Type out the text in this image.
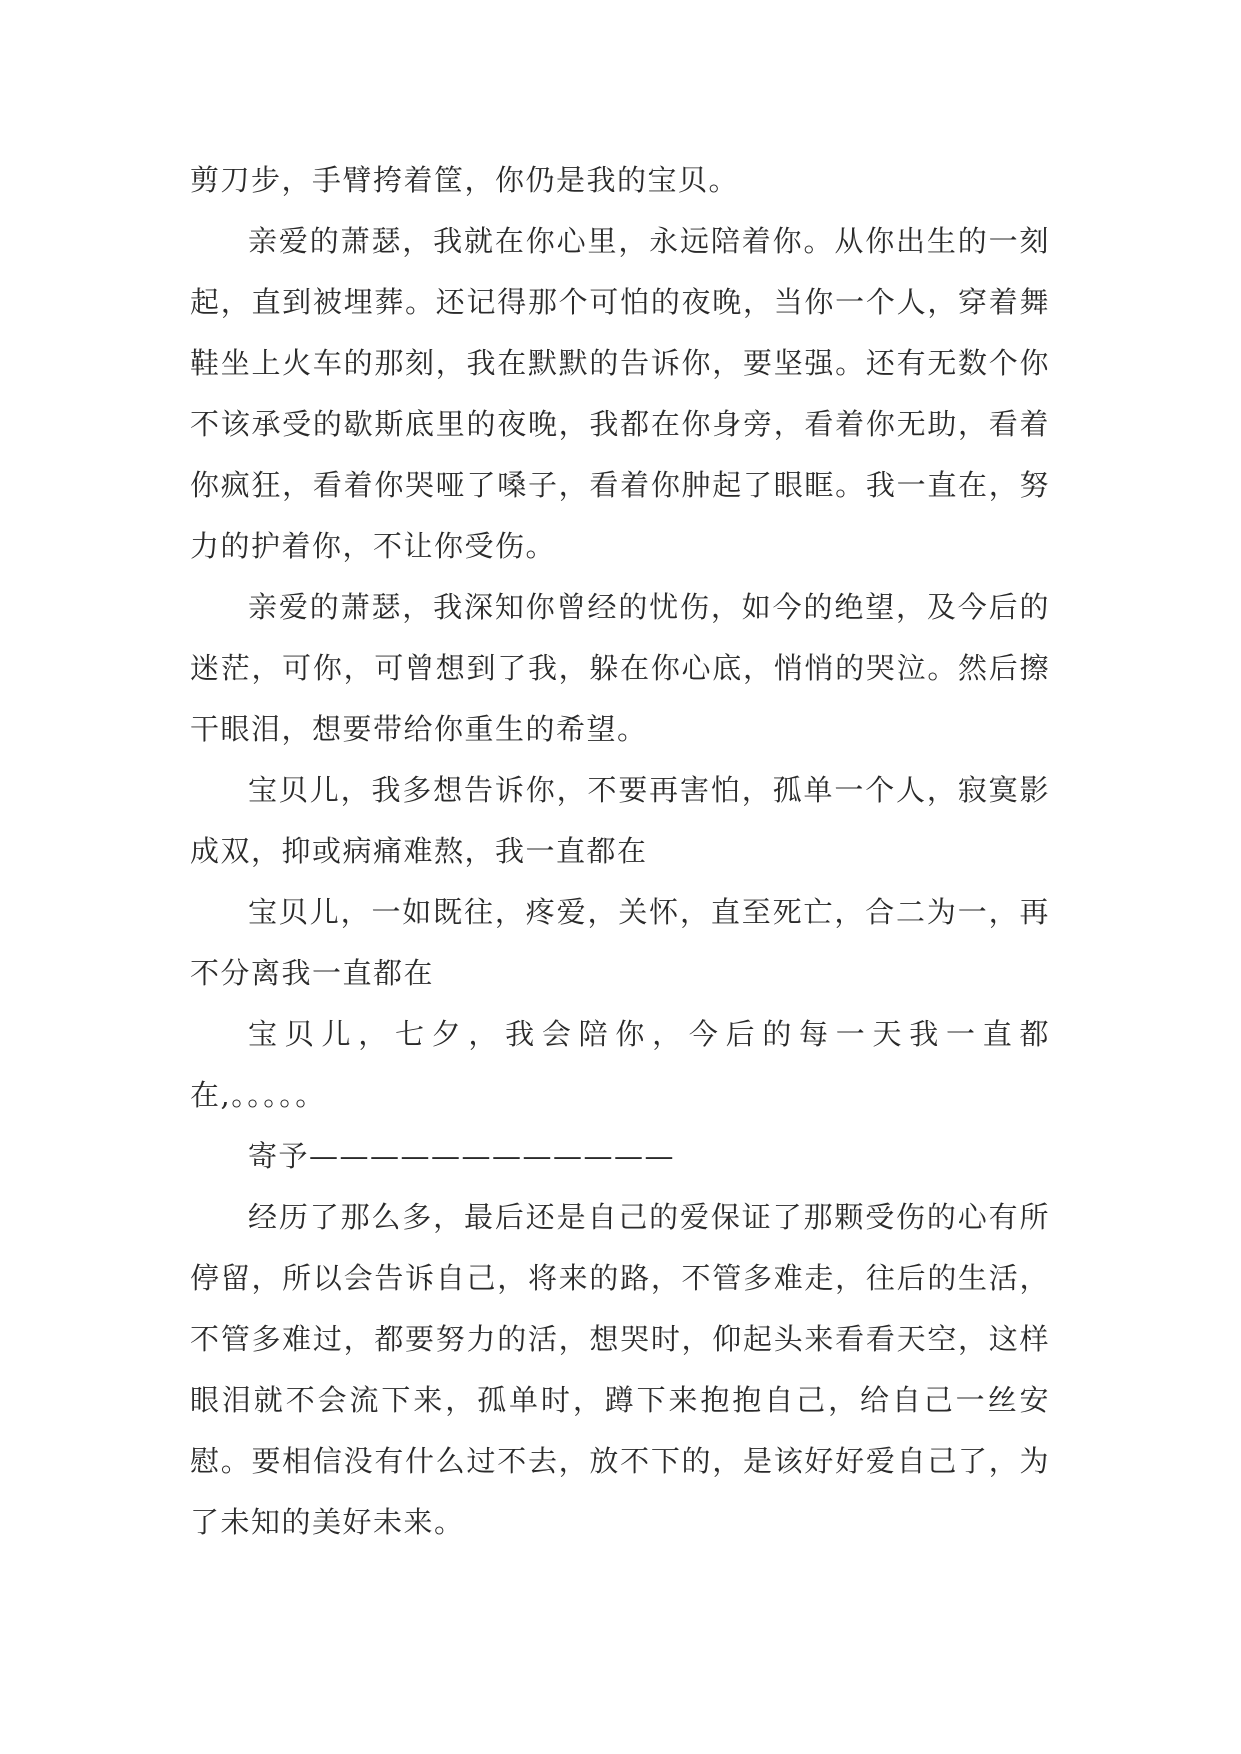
剪刀步，手臂挎着筐，你仍是我的宝贝。

亲爱的萧瑟，我就在你心里，永远陪着你。从你出生的一刻起，直到被埋葬。还记得那个可怕的夜晚，当你一个人，穿着舞鞋坐上火车的那刻，我在默默的告诉你，要坚强。还有无数个你不该承受的歇斯底里的夜晚，我都在你身旁，看着你无助，看着你疯狂，看着你哭哑了嗓子，看着你肿起了眼眶。我一直在，努力的护着你，不让你受伤。

亲爱的萧瑟，我深知你曾经的忧伤，如今的绝望，及今后的迷茫，可你，可曾想到了我，躲在你心底，悄悄的哭泣。然后擦干眼泪，想要带给你重生的希望。

宝贝儿，我多想告诉你，不要再害怕，孤单一个人，寂寞影成双，抑或病痛难熬，我一直都在

宝贝儿，一如既往，疼爱，关怀，直至死亡，合二为一，再不分离我一直都在

宝贝儿，七夕，我会陪你，今后的每一天我一直都在,。。。。。

寄予————————————

经历了那么多，最后还是自己的爱保证了那颗受伤的心有所停留，所以会告诉自己，将来的路，不管多难走，往后的生活，不管多难过，都要努力的活，想哭时，仰起头来看看天空，这样眼泪就不会流下来，孤单时，蹲下来抱抱自己，给自己一丝安慰。要相信没有什么过不去，放不下的，是该好好爱自己了，为了未知的美好未来。
